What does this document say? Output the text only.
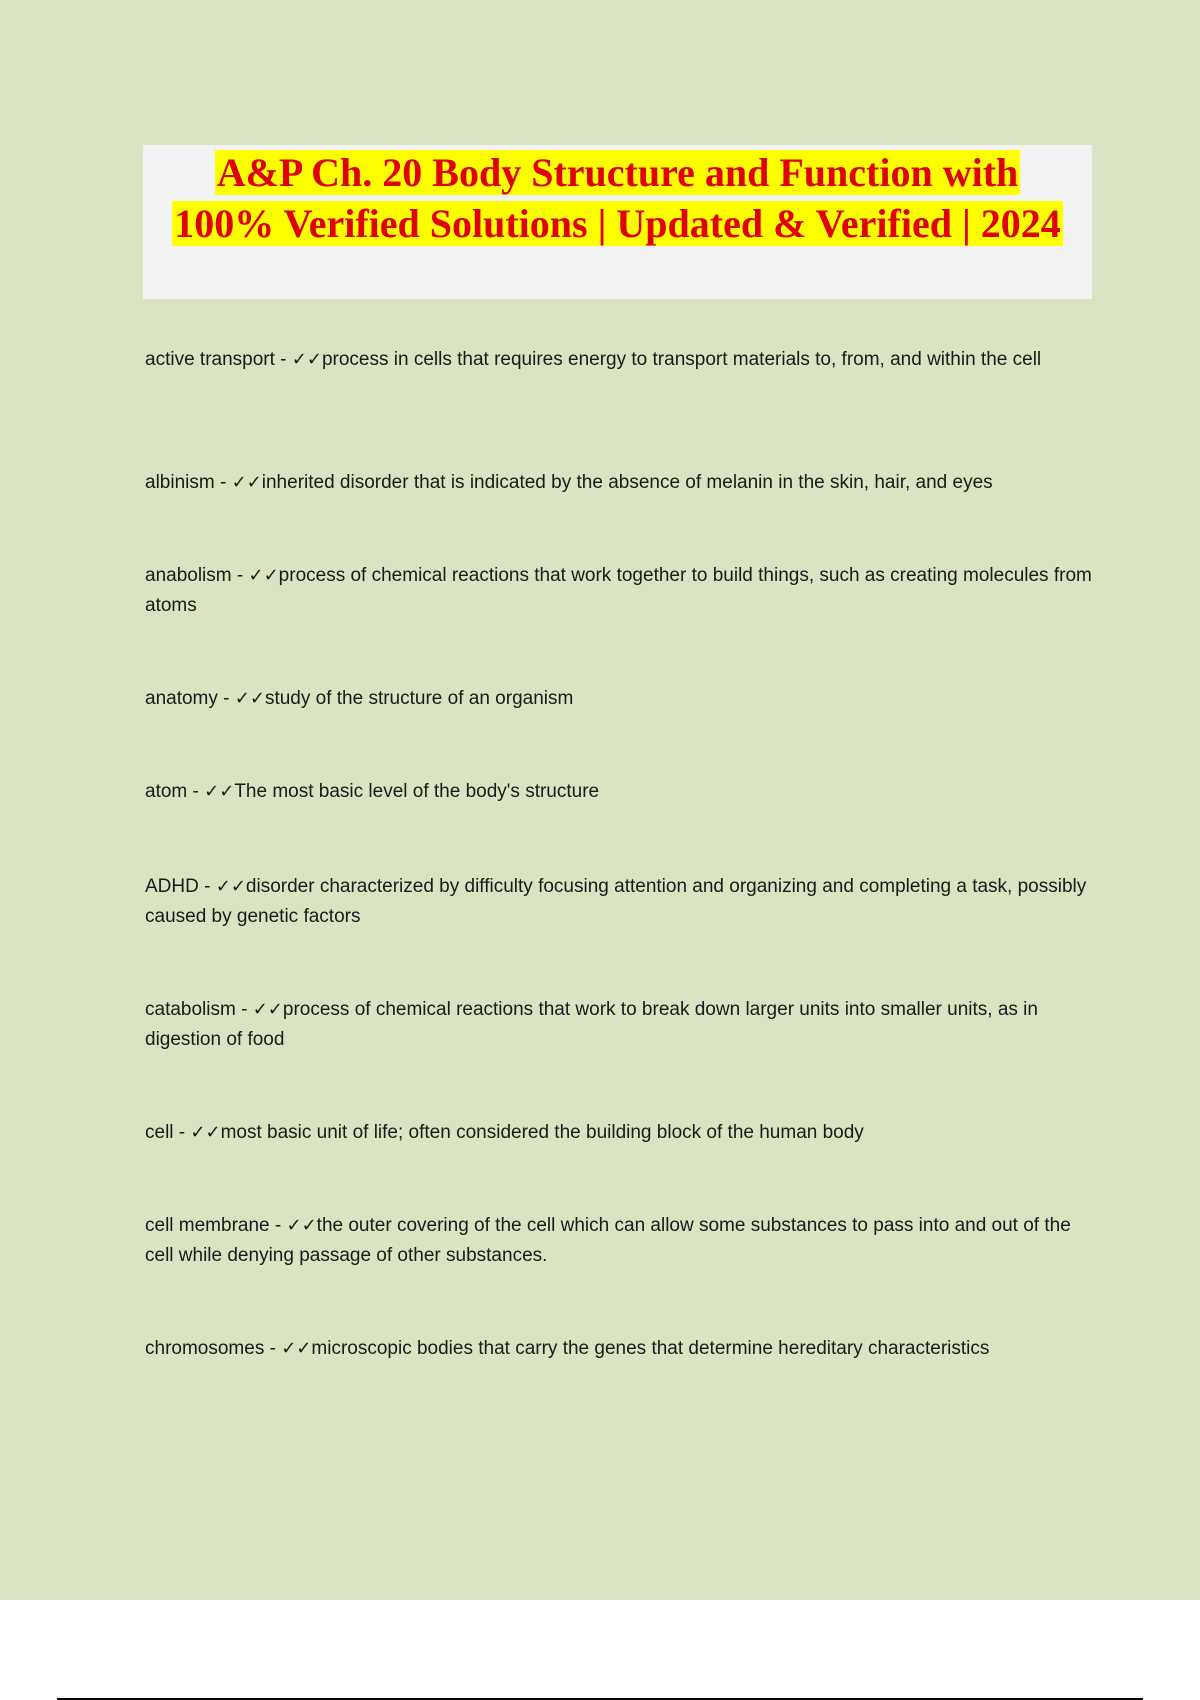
A&P Ch. 20 Body Structure and Function with 100% Verified Solutions | Updated & Verified | 2024
active transport - ✓✓process in cells that requires energy to transport materials to, from, and within the cell
albinism - ✓✓inherited disorder that is indicated by the absence of melanin in the skin, hair, and eyes
anabolism - ✓✓process of chemical reactions that work together to build things, such as creating molecules from atoms
anatomy - ✓✓study of the structure of an organism
atom - ✓✓The most basic level of the body's structure
ADHD - ✓✓disorder characterized by difficulty focusing attention and organizing and completing a task, possibly caused by genetic factors
catabolism - ✓✓process of chemical reactions that work to break down larger units into smaller units, as in digestion of food
cell - ✓✓most basic unit of life; often considered the building block of the human body
cell membrane - ✓✓the outer covering of the cell which can allow some substances to pass into and out of the cell while denying passage of other substances.
chromosomes - ✓✓microscopic bodies that carry the genes that determine hereditary characteristics
